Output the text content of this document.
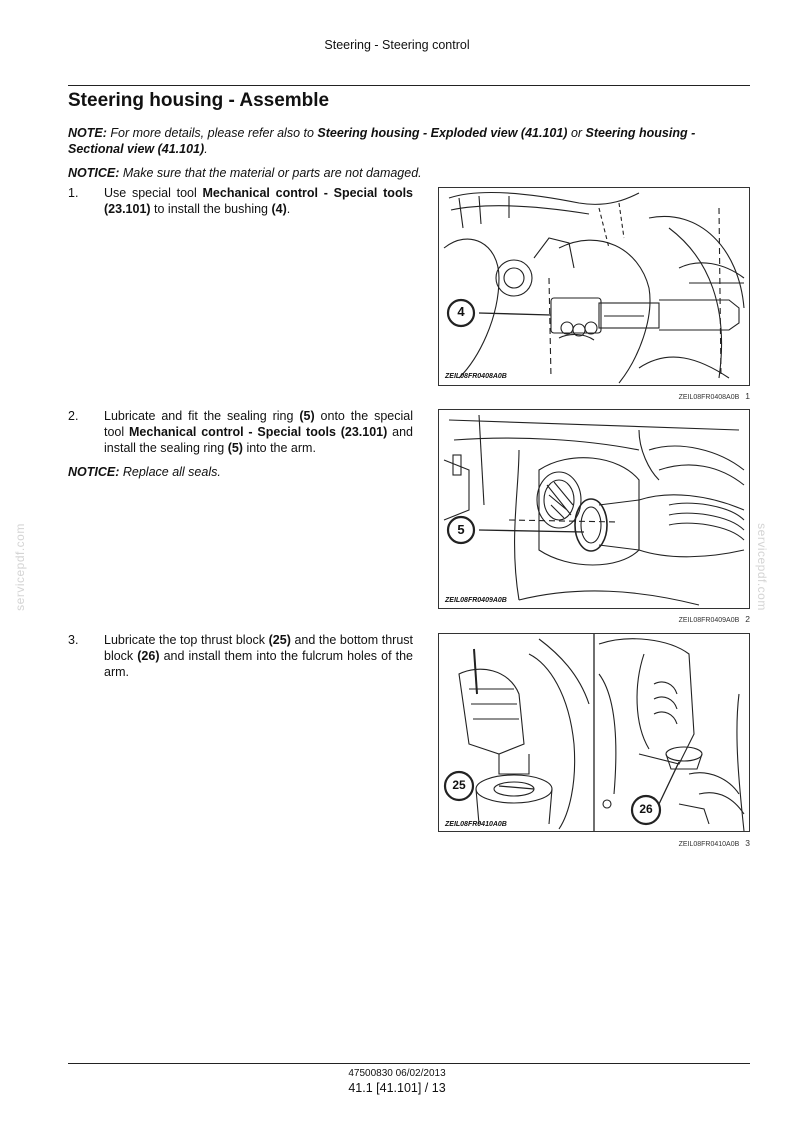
Steering - Steering control
Steering housing - Assemble
NOTE: For more details, please refer also to Steering housing - Exploded view (41.101) or Steering housing - Sectional view (41.101).
NOTICE: Make sure that the material or parts are not damaged.
1. Use special tool Mechanical control - Special tools (23.101) to install the bushing (4).
2. Lubricate and fit the sealing ring (5) onto the special tool Mechanical control - Special tools (23.101) and install the sealing ring (5) into the arm.
NOTICE: Replace all seals.
3. Lubricate the top thrust block (25) and the bottom thrust block (26) and install them into the fulcrum holes of the arm.
4
ZEIL08FR0408A0B
ZEIL08FR0408A0B 1
5
ZEIL08FR0409A0B
ZEIL08FR0409A0B 2
25
26
ZEIL08FR0410A0B
ZEIL08FR0410A0B 3
servicepdf.com	servicepdf.com
47500830 06/02/2013
41.1 [41.101] / 13
